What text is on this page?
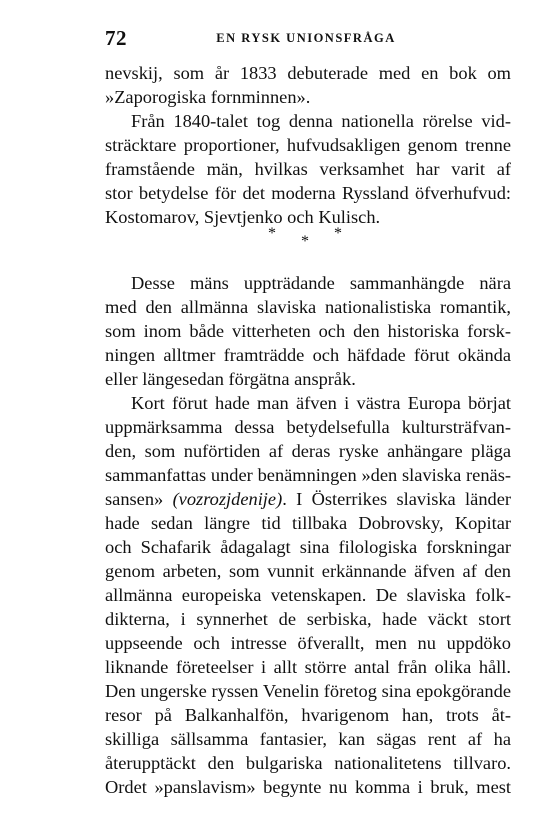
72	EN RYSK UNIONSFRÅGA
nevskij, som år 1833 debuterade med en bok om
»Zaporogiska fornminnen».
Från 1840-talet tog denna nationella rörelse vid-
sträcktare proportioner, hufvudsakligen genom trenne
framstående män, hvilkas verksamhet har varit af
stor betydelse för det moderna Ryssland öfverhufvud:
Kostomarov, Sjevtjenko och Kulisch.
* * *
Desse mäns uppträdande sammanhängde nära
med den allmänna slaviska nationalistiska romantik,
som inom både vitterheten och den historiska forsk-
ningen alltmer framträdde och häfdade förut okända
eller längesedan förgätna anspråk.
Kort förut hade man äfven i västra Europa börjat
uppmärksamma dessa betydelsefulla kultursträfvan-
den, som nuförtiden af deras ryske anhängare pläga
sammanfattas under benämningen »den slaviska renäs-
sansen» (vozrozjdenije). I Österrikes slaviska länder
hade sedan längre tid tillbaka Dobrovsky, Kopitar
och Schafarik ådagalagt sina filologiska forskningar
genom arbeten, som vunnit erkännande äfven af den
allmänna europeiska vetenskapen. De slaviska folk-
dikterna, i synnerhet de serbiska, hade väckt stort
uppseende och intresse öfverallt, men nu uppdöko
liknande företeelser i allt större antal från olika håll.
Den ungerske ryssen Venelin företog sina epokgörande
resor på Balkanhalfön, hvarigenom han, trots åt-
skilliga sällsamma fantasier, kan sägas rent af ha
återupptäckt den bulgariska nationalitetens tillvaro.
Ordet »panslavism» begynte nu komma i bruk, mest
